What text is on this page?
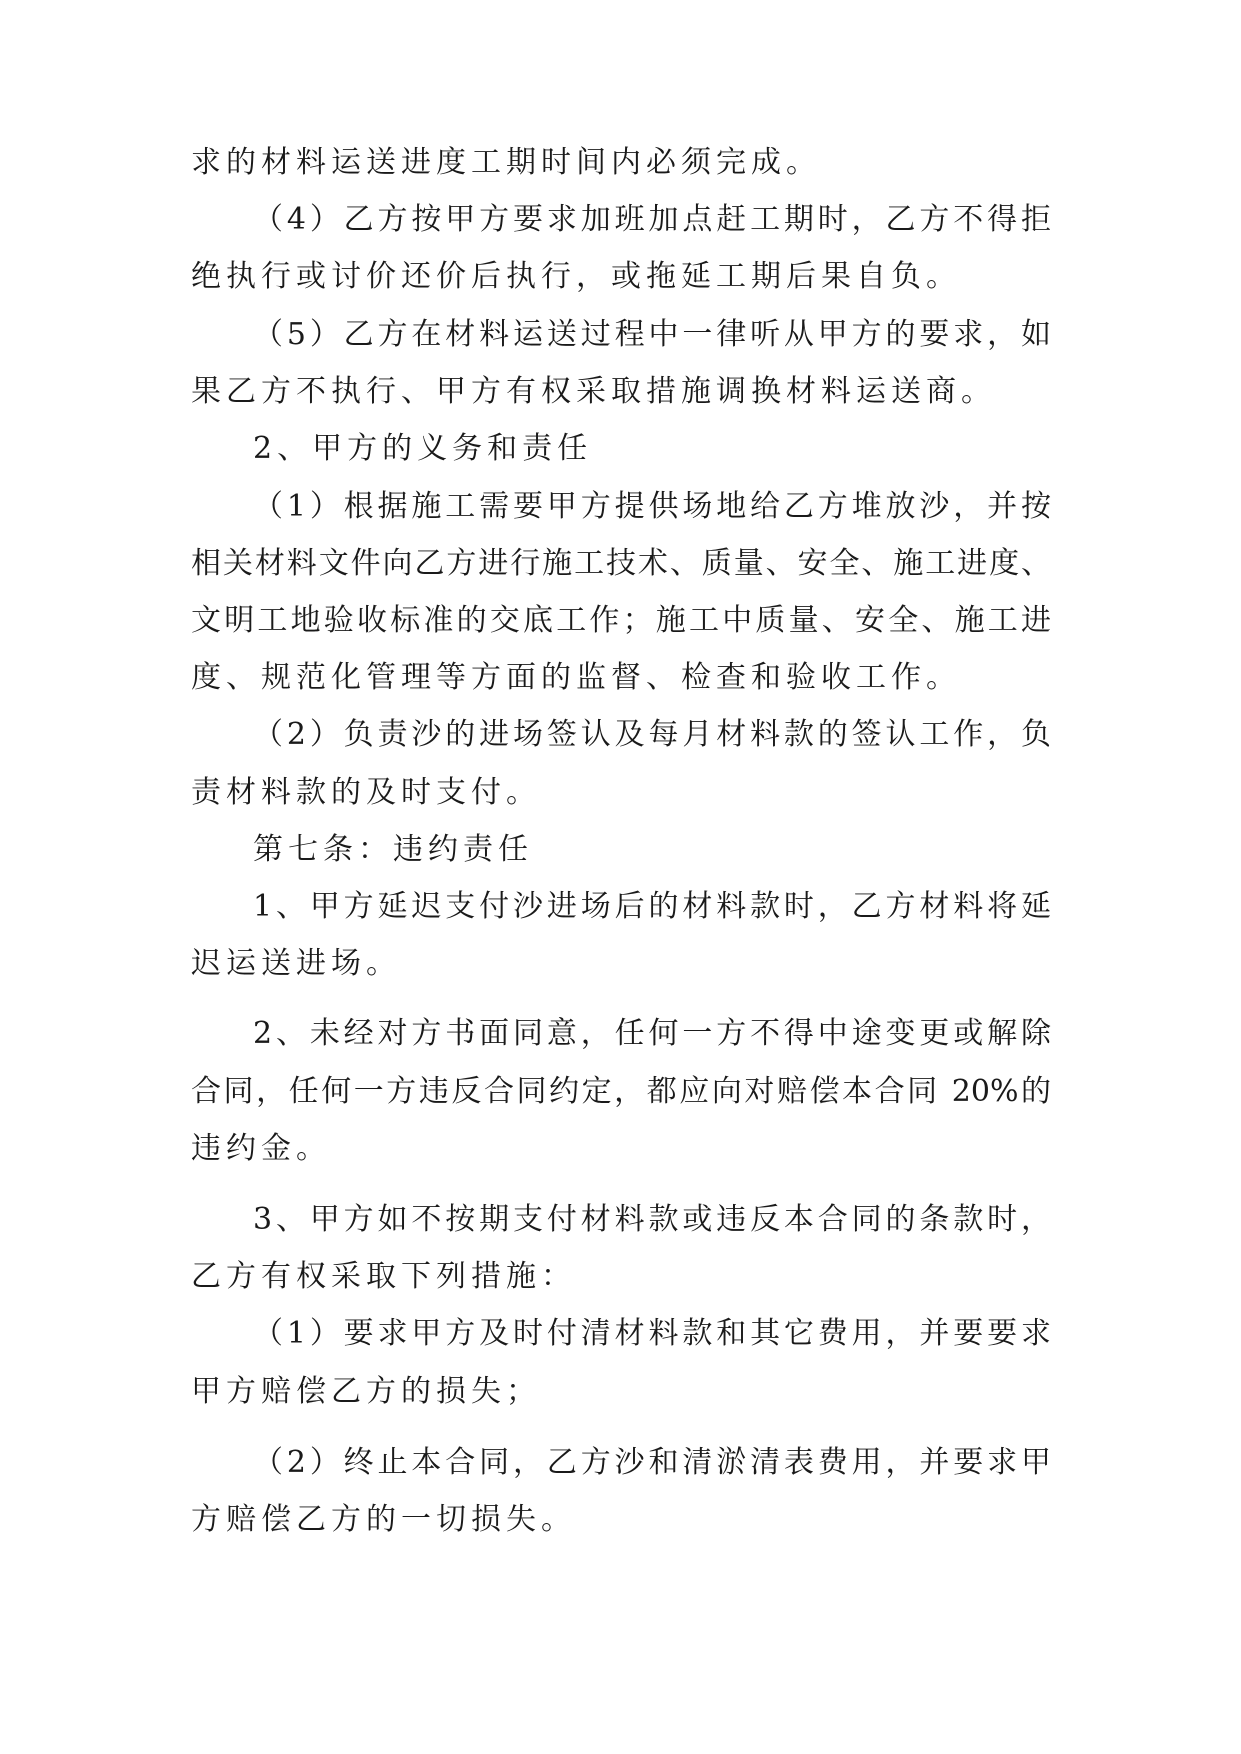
求的材料运送进度工期时间内必须完成。
（4）乙方按甲方要求加班加点赶工期时，乙方不得拒
绝执行或讨价还价后执行，或拖延工期后果自负。
（5）乙方在材料运送过程中一律听从甲方的要求，如
果乙方不执行、甲方有权采取措施调换材料运送商。
2、甲方的义务和责任
（1）根据施工需要甲方提供场地给乙方堆放沙，并按
相关材料文件向乙方进行施工技术、质量、安全、施工进度、
文明工地验收标准的交底工作；施工中质量、安全、施工进
度、规范化管理等方面的监督、检查和验收工作。
（2）负责沙的进场签认及每月材料款的签认工作，负
责材料款的及时支付。
第七条：违约责任
1、甲方延迟支付沙进场后的材料款时，乙方材料将延
迟运送进场。
2、未经对方书面同意，任何一方不得中途变更或解除
合同，任何一方违反合同约定，都应向对赔偿本合同 20%的
违约金。
3、甲方如不按期支付材料款或违反本合同的条款时，
乙方有权采取下列措施：
（1）要求甲方及时付清材料款和其它费用，并要要求
甲方赔偿乙方的损失；
（2）终止本合同，乙方沙和清淤清表费用，并要求甲
方赔偿乙方的一切损失。
